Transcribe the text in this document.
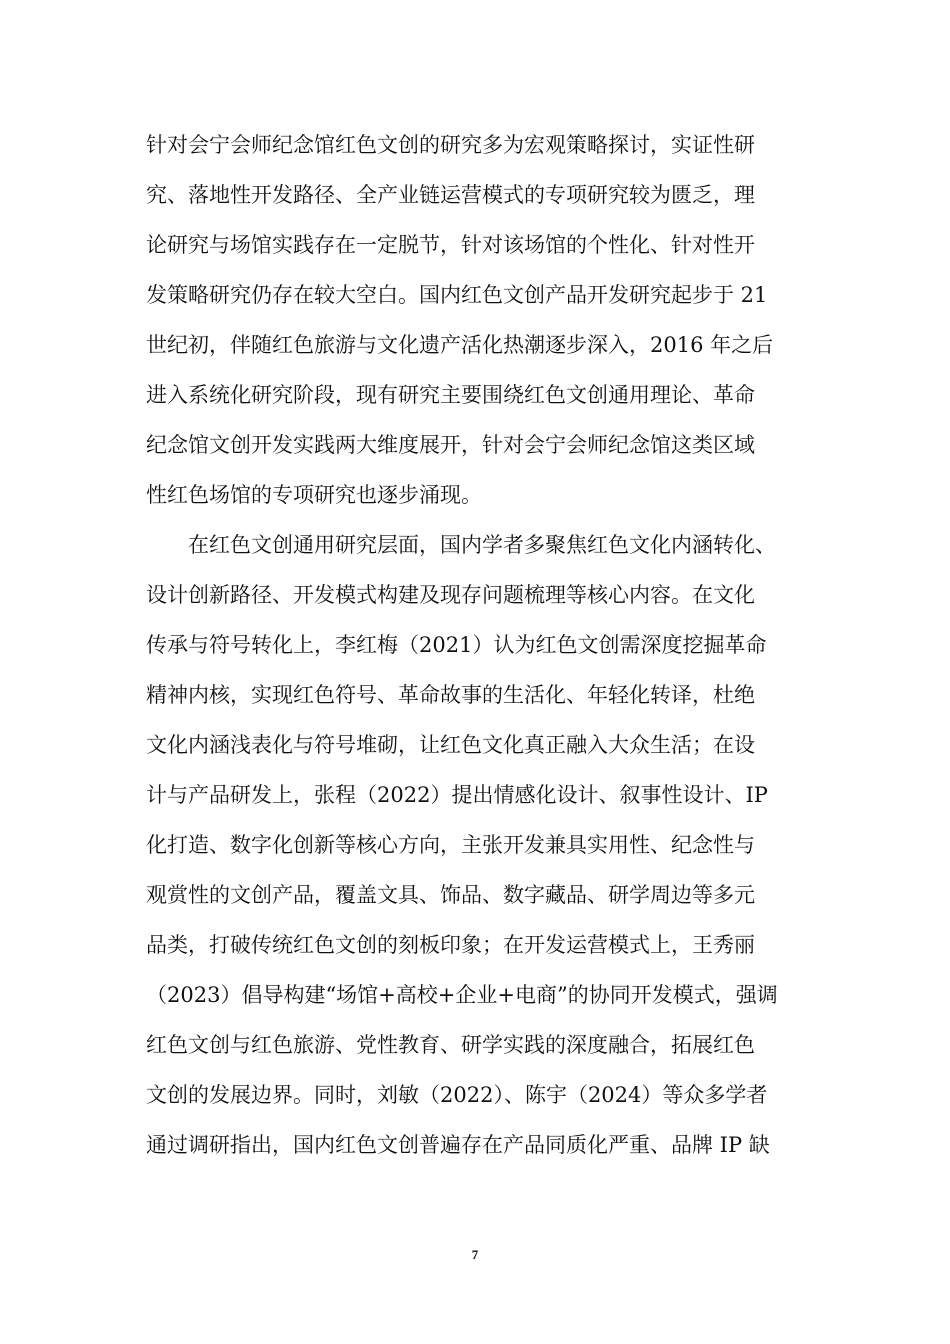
针对会宁会师纪念馆红色文创的研究多为宏观策略探讨，实证性研
究、落地性开发路径、全产业链运营模式的专项研究较为匮乏，理
论研究与场馆实践存在一定脱节，针对该场馆的个性化、针对性开
发策略研究仍存在较大空白。国内红色文创产品开发研究起步于 21
世纪初，伴随红色旅游与文化遗产活化热潮逐步深入，2016 年之后
进入系统化研究阶段，现有研究主要围绕红色文创通用理论、革命
纪念馆文创开发实践两大维度展开，针对会宁会师纪念馆这类区域
性红色场馆的专项研究也逐步涌现。
在红色文创通用研究层面，国内学者多聚焦红色文化内涵转化、
设计创新路径、开发模式构建及现存问题梳理等核心内容。在文化
传承与符号转化上，李红梅（2021）认为红色文创需深度挖掘革命
精神内核，实现红色符号、革命故事的生活化、年轻化转译，杜绝
文化内涵浅表化与符号堆砌，让红色文化真正融入大众生活；在设
计与产品研发上，张程（2022）提出情感化设计、叙事性设计、IP
化打造、数字化创新等核心方向，主张开发兼具实用性、纪念性与
观赏性的文创产品，覆盖文具、饰品、数字藏品、研学周边等多元
品类，打破传统红色文创的刻板印象；在开发运营模式上，王秀丽
（2023）倡导构建“场馆+高校+企业+电商”的协同开发模式，强调
红色文创与红色旅游、党性教育、研学实践的深度融合，拓展红色
文创的发展边界。同时，刘敏（2022）、陈宇（2024）等众多学者
通过调研指出，国内红色文创普遍存在产品同质化严重、品牌 IP 缺
7
